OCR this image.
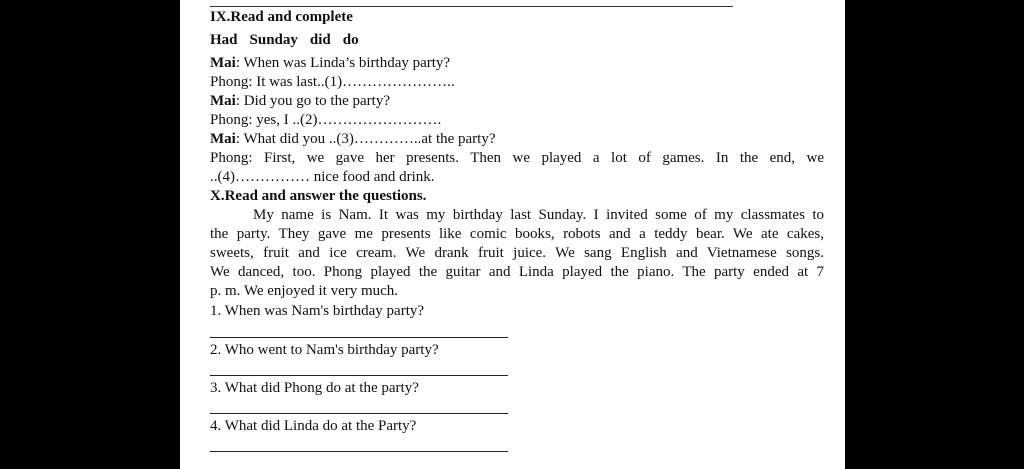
IX.Read and complete
Had Sunday did do
Mai: When was Linda’s birthday party?
Phong: It was last..(1)…………………..
Mai: Did you go to the party?
Phong: yes, I ..(2)…………………….
Mai: What did you ..(3)…………..at the party?
Phong: First, we gave her presents. Then we played a lot of games. In the end, we
..(4)…………… nice food and drink.
X.Read and answer the questions.
My name is Nam. It was my birthday last Sunday. I invited some of my classmates to
the party. They gave me presents like comic books, robots and a teddy bear. We ate cakes,
sweets, fruit and ice cream. We drank fruit juice. We sang English and Vietnamese songs.
We danced, too. Phong played the guitar and Linda played the piano. The party ended at 7
p. m. We enjoyed it very much.
1. When was Nam's birthday party?
2. Who went to Nam's birthday party?
3. What did Phong do at the party?
4. What did Linda do at the Party?
